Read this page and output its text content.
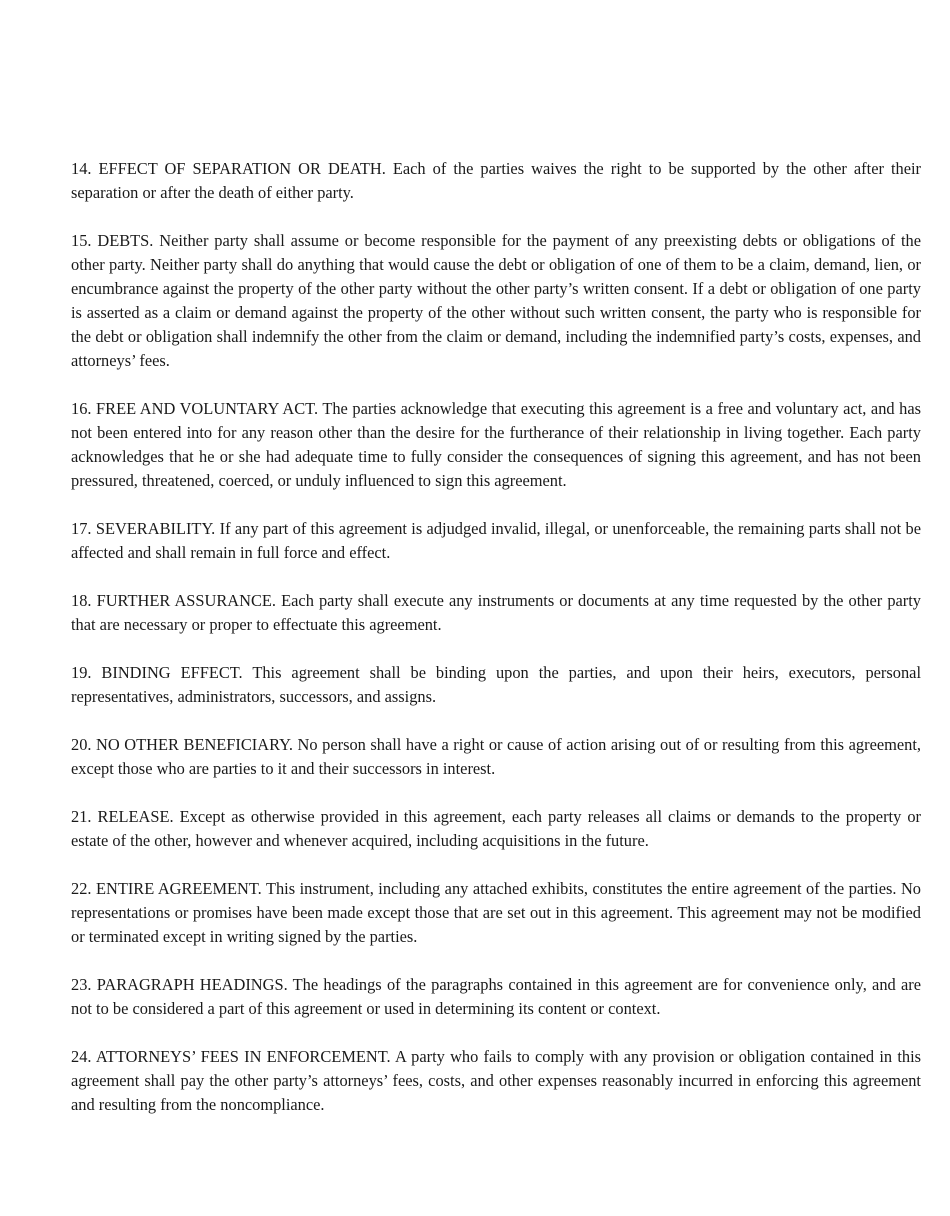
14. EFFECT OF SEPARATION OR DEATH. Each of the parties waives the right to be supported by the other after their separation or after the death of either party.

15. DEBTS. Neither party shall assume or become responsible for the payment of any preexisting debts or obligations of the other party. Neither party shall do anything that would cause the debt or obligation of one of them to be a claim, demand, lien, or encumbrance against the property of the other party without the other party’s written consent. If a debt or obligation of one party is asserted as a claim or demand against the property of the other without such written consent, the party who is responsible for the debt or obligation shall indemnify the other from the claim or demand, including the indemnified party’s costs, expenses, and attorneys’ fees.

16. FREE AND VOLUNTARY ACT. The parties acknowledge that executing this agreement is a free and voluntary act, and has not been entered into for any reason other than the desire for the furtherance of their relationship in living together. Each party acknowledges that he or she had adequate time to fully consider the consequences of signing this agreement, and has not been pressured, threatened, coerced, or unduly influenced to sign this agreement.

17. SEVERABILITY. If any part of this agreement is adjudged invalid, illegal, or unenforceable, the remaining parts shall not be affected and shall remain in full force and effect.

18. FURTHER ASSURANCE. Each party shall execute any instruments or documents at any time requested by the other party that are necessary or proper to effectuate this agreement.

19. BINDING EFFECT. This agreement shall be binding upon the parties, and upon their heirs, executors, personal representatives, administrators, successors, and assigns.

20. NO OTHER BENEFICIARY. No person shall have a right or cause of action arising out of or resulting from this agreement, except those who are parties to it and their successors in interest.

21. RELEASE. Except as otherwise provided in this agreement, each party releases all claims or demands to the property or estate of the other, however and whenever acquired, including acquisitions in the future.

22. ENTIRE AGREEMENT. This instrument, including any attached exhibits, constitutes the entire agreement of the parties. No representations or promises have been made except those that are set out in this agreement. This agreement may not be modified or terminated except in writing signed by the parties.

23. PARAGRAPH HEADINGS. The headings of the paragraphs contained in this agreement are for convenience only, and are not to be considered a part of this agreement or used in determining its content or context.

24. ATTORNEYS’ FEES IN ENFORCEMENT. A party who fails to comply with any provision or obligation contained in this agreement shall pay the other party’s attorneys’ fees, costs, and other expenses reasonably incurred in enforcing this agreement and resulting from the noncompliance.
